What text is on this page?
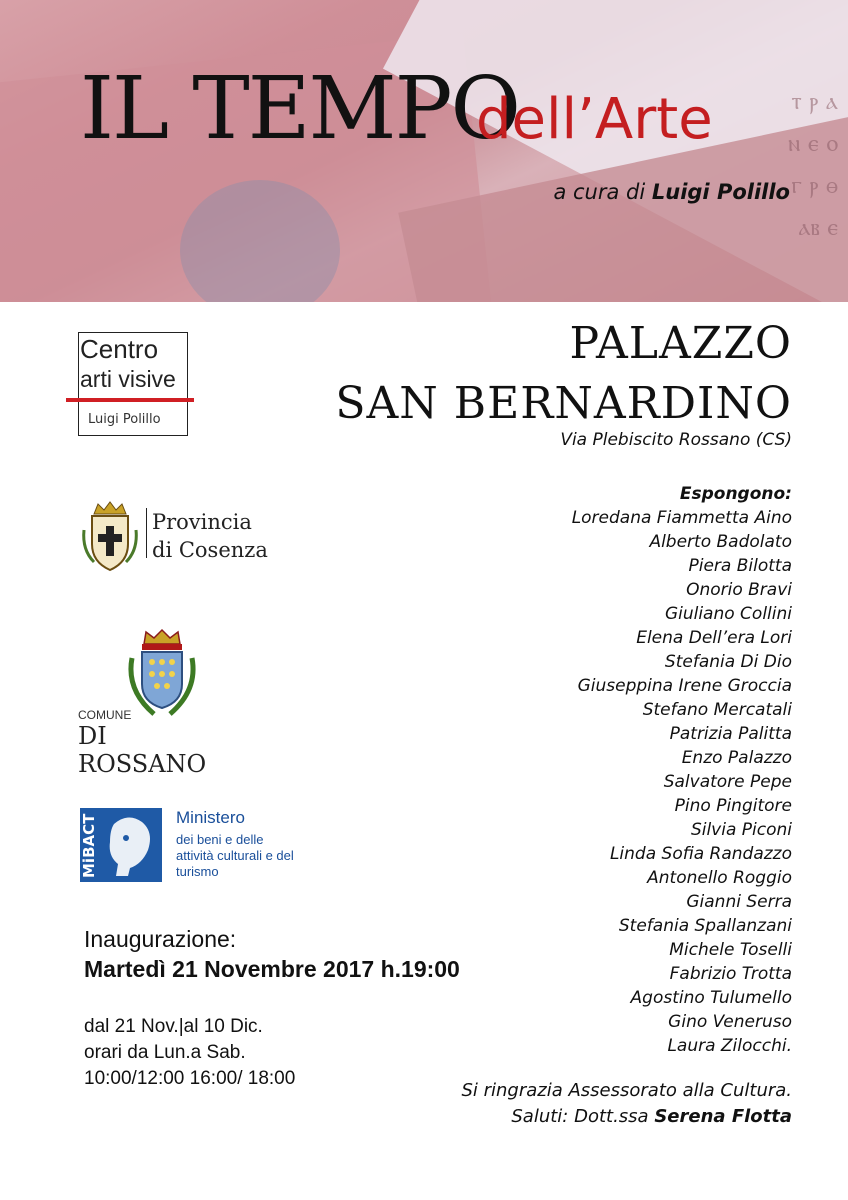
ⲧ ⲣ ⲁ
ⲛ ⲉ ⲟ
ⲅ ⲣ ⲑ
ⲁⲃ ⲉ
IL TEMPO
dell’Arte
a cura di Luigi Polillo
Centro
arti visive
Luigi Polillo
Provincia
di Cosenza
COMUNE
DI ROSSANO
MiBACT	Ministero
dei beni e delle attività culturali e del turismo
PALAZZO
SAN BERNARDINO
Via Plebiscito Rossano (CS)
Espongono:
Loredana Fiammetta Aino
Alberto Badolato
Piera Bilotta
Onorio Bravi
Giuliano Collini
Elena Dell’era Lori
Stefania Di Dio
Giuseppina Irene Groccia
Stefano Mercatali
Patrizia Palitta
Enzo Palazzo
Salvatore Pepe
Pino Pingitore
Silvia Piconi
Linda Sofia Randazzo
Antonello Roggio
Gianni Serra
Stefania Spallanzani
Michele Toselli
Fabrizio Trotta
Agostino Tulumello
Gino Veneruso
Laura Zilocchi.
Inaugurazione:
Martedì 21 Novembre 2017 h.19:00
dal 21 Nov.|al 10 Dic.
orari da Lun.a Sab.
10:00/12:00 16:00/ 18:00
Si ringrazia Assessorato alla Cultura.
Saluti: Dott.ssa Serena Flotta
